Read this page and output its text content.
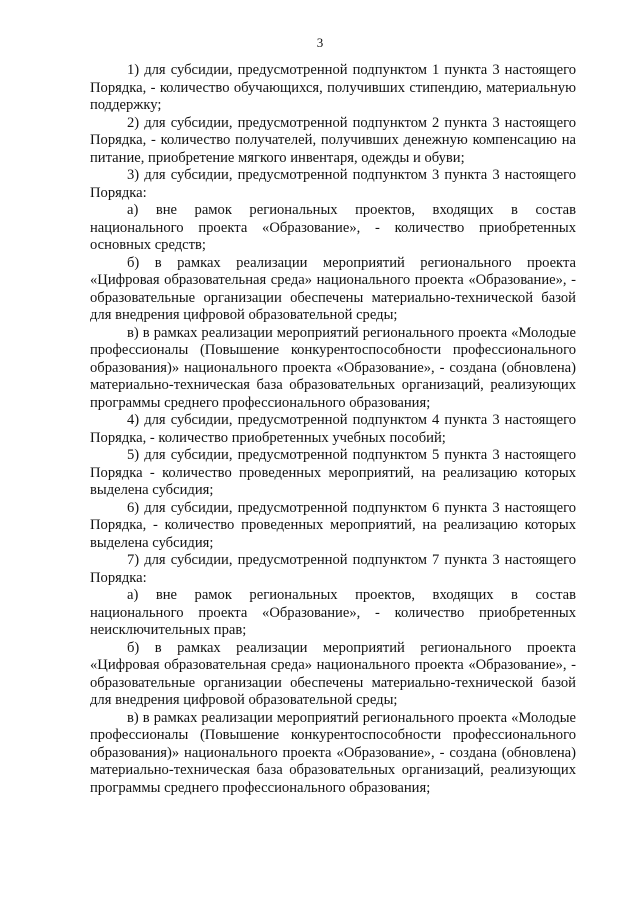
3

1) для субсидии, предусмотренной подпунктом 1 пункта 3 настоящего Порядка, - количество обучающихся, получивших стипендию, материальную поддержку;

2) для субсидии, предусмотренной подпунктом 2 пункта 3 настоящего Порядка, - количество получателей, получивших денежную компенсацию на питание, приобретение мягкого инвентаря, одежды и обуви;

3) для субсидии, предусмотренной подпунктом 3 пункта 3 настоящего Порядка:

а) вне рамок региональных проектов, входящих в состав национального проекта «Образование», - количество приобретенных основных средств;

б) в рамках реализации мероприятий регионального проекта «Цифровая образовательная среда» национального проекта «Образование», - образовательные организации обеспечены материально-технической базой для внедрения цифровой образовательной среды;

в) в рамках реализации мероприятий регионального проекта «Молодые профессионалы (Повышение конкурентоспособности профессионального образования)» национального проекта «Образование», - создана (обновлена) материально-техническая база образовательных организаций, реализующих программы среднего профессионального образования;

4) для субсидии, предусмотренной подпунктом 4 пункта 3 настоящего Порядка, - количество приобретенных учебных пособий;

5) для субсидии, предусмотренной подпунктом 5 пункта 3 настоящего Порядка - количество проведенных мероприятий, на реализацию которых выделена субсидия;

6) для субсидии, предусмотренной подпунктом 6 пункта 3 настоящего Порядка, - количество проведенных мероприятий, на реализацию которых выделена субсидия;

7) для субсидии, предусмотренной подпунктом 7 пункта 3 настоящего Порядка:

а) вне рамок региональных проектов, входящих в состав национального проекта «Образование», - количество приобретенных неисключительных прав;

б) в рамках реализации мероприятий регионального проекта «Цифровая образовательная среда» национального проекта «Образование», - образовательные организации обеспечены материально-технической базой для внедрения цифровой образовательной среды;

в) в рамках реализации мероприятий регионального проекта «Молодые профессионалы (Повышение конкурентоспособности профессионального образования)» национального проекта «Образование», - создана (обновлена) материально-техническая база образовательных организаций, реализующих программы среднего профессионального образования;
